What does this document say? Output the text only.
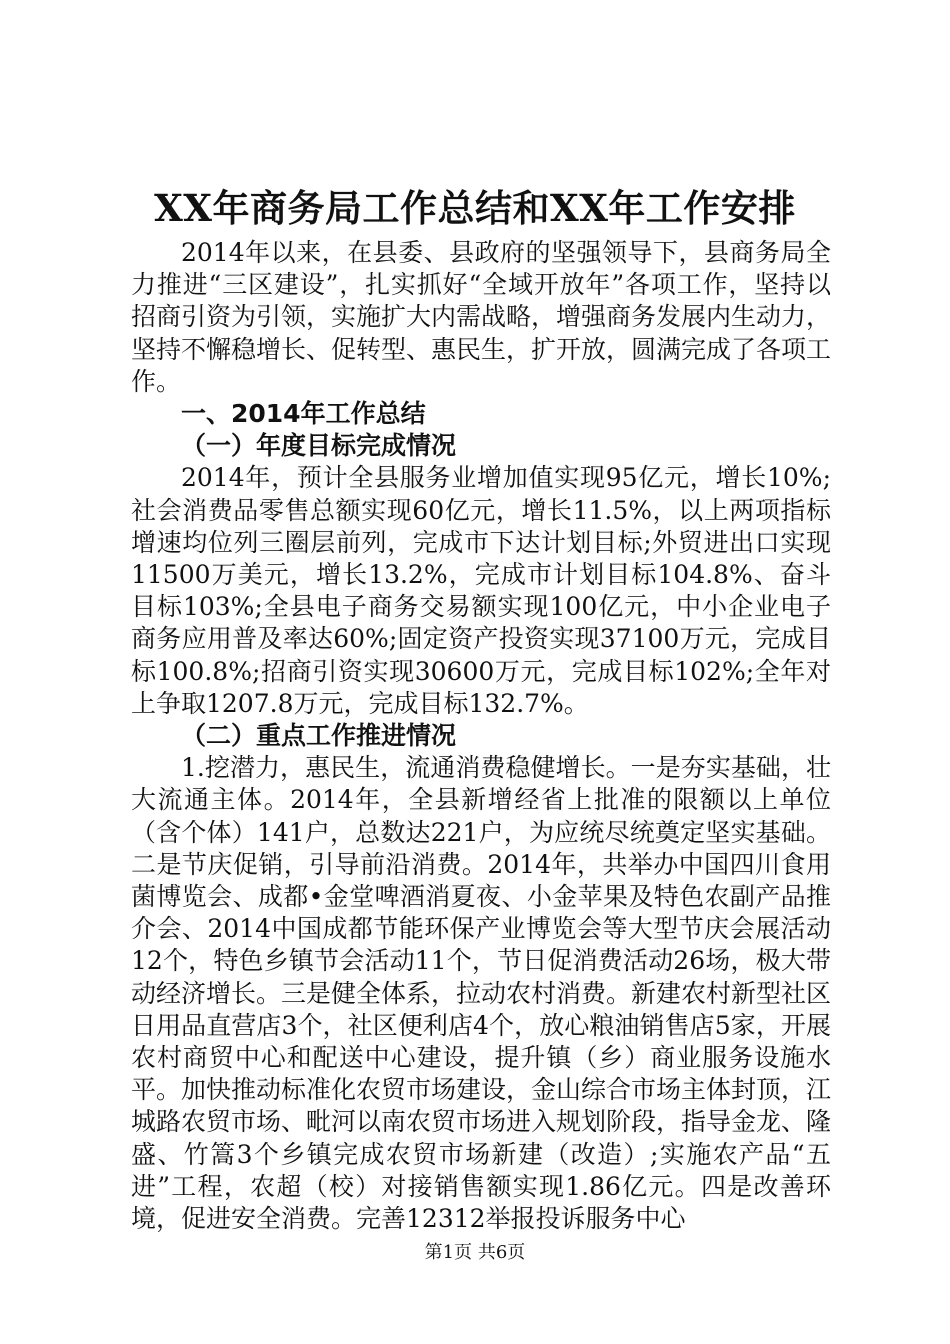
XX年商务局工作总结和XX年工作安排

2014年以来，在县委、县政府的坚强领导下，县商务局全力推进“三区建设”，扎实抓好“全域开放年”各项工作，坚持以招商引资为引领，实施扩大内需战略，增强商务发展内生动力，坚持不懈稳增长、促转型、惠民生，扩开放，圆满完成了各项工作。

一、2014年工作总结

（一）年度目标完成情况

2014年，预计全县服务业增加值实现95亿元，增长10%;社会消费品零售总额实现60亿元，增长11.5%，以上两项指标增速均位列三圈层前列，完成市下达计划目标;外贸进出口实现11500万美元，增长13.2%，完成市计划目标104.8%、奋斗目标103%;全县电子商务交易额实现100亿元，中小企业电子商务应用普及率达60%;固定资产投资实现37100万元，完成目标100.8%;招商引资实现30600万元，完成目标102%;全年对上争取1207.8万元，完成目标132.7%。

（二）重点工作推进情况

1.挖潜力，惠民生，流通消费稳健增长。一是夯实基础，壮大流通主体。2014年，全县新增经省上批准的限额以上单位（含个体）141户，总数达221户，为应统尽统奠定坚实基础。二是节庆促销，引导前沿消费。2014年，共举办中国四川食用菌博览会、成都•金堂啤酒消夏夜、小金苹果及特色农副产品推介会、2014中国成都节能环保产业博览会等大型节庆会展活动12个，特色乡镇节会活动11个，节日促消费活动26场，极大带动经济增长。三是健全体系，拉动农村消费。新建农村新型社区日用品直营店3个，社区便利店4个，放心粮油销售店5家，开展农村商贸中心和配送中心建设，提升镇（乡）商业服务设施水平。加快推动标准化农贸市场建设，金山综合市场主体封顶，江城路农贸市场、毗河以南农贸市场进入规划阶段，指导金龙、隆盛、竹篙3个乡镇完成农贸市场新建（改造）;实施农产品“五进”工程，农超（校）对接销售额实现1.86亿元。四是改善环境，促进安全消费。完善12312举报投诉服务中心

第1页 共6页
